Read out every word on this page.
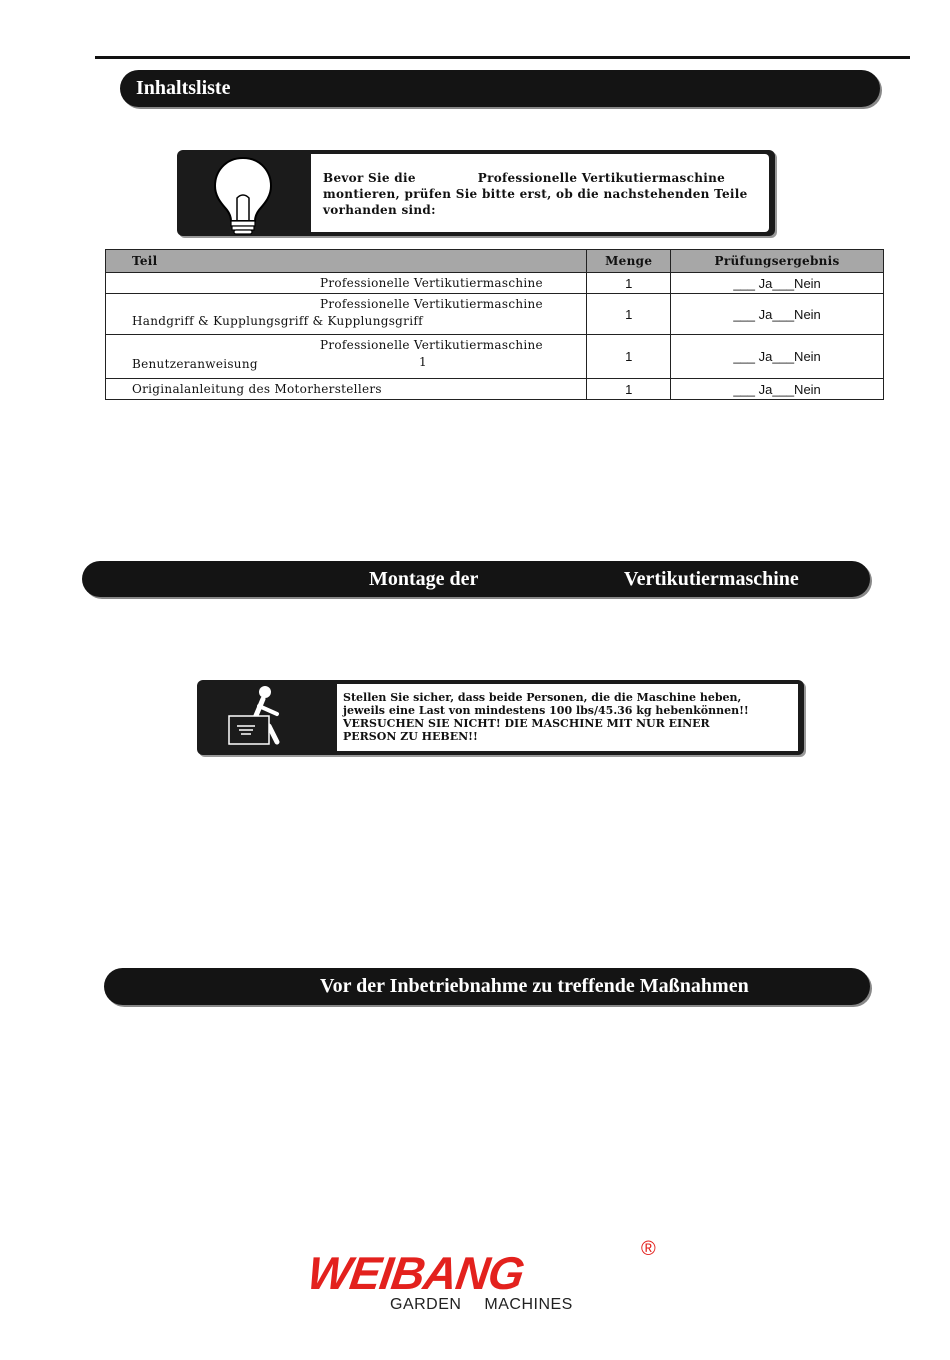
Inhaltsliste
Bevor Sie die	Professionelle Vertikutiermaschine
montieren, prüfen Sie bitte erst, ob die nachstehenden Teile
vorhanden sind:
Teil	Menge	Prüfungsergebnis

Professionelle Vertikutiermaschine	1	___ Ja___Nein

Professionelle Vertikutiermaschine
Handgriff & Kupplungsgriff & Kupplungsgriff	1	___ Ja___Nein

Professionelle Vertikutiermaschine
Benutzeranweisung 1	1	___ Ja___Nein

Originalanleitung des Motorherstellers	1	___ Ja___Nein
Montage der	Vertikutiermaschine
Stellen Sie sicher, dass beide Personen, die die Maschine heben,
jeweils eine Last von mindestens 100 lbs/45.36 kg hebenkönnen!!
VERSUCHEN SIE NICHT! DIE MASCHINE MIT NUR EINER
PERSON ZU HEBEN!!
Vor der Inbetriebnahme zu treffende Maßnahmen
WEIBANG	®
GARDEN MACHINES
